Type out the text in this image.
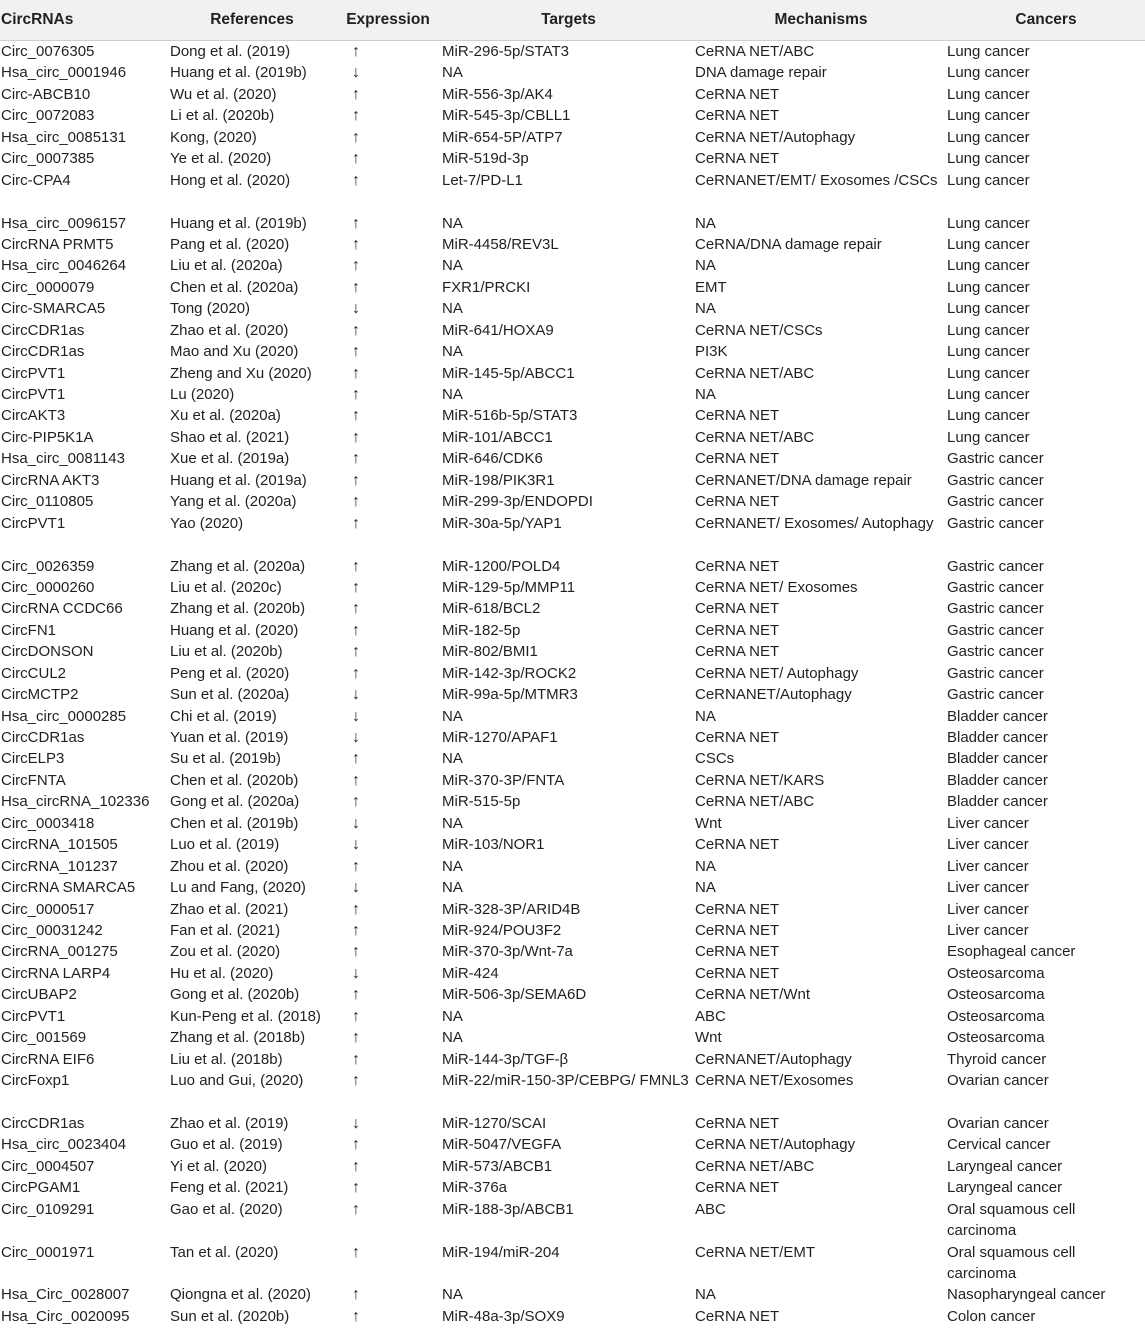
CircRNAs	References	Expression	Targets	Mechanisms	Cancers
Circ_0076305	Dong et al. (2019)	↑	MiR-296-5p/STAT3	CeRNA NET/ABC	Lung cancer
Hsa_circ_0001946	Huang et al. (2019b)	↓	NA	DNA damage repair	Lung cancer
Circ-ABCB10	Wu et al. (2020)	↑	MiR-556-3p/AK4	CeRNA NET	Lung cancer
Circ_0072083	Li et al. (2020b)	↑	MiR-545-3p/CBLL1	CeRNA NET	Lung cancer
Hsa_circ_0085131	Kong, (2020)	↑	MiR-654-5P/ATP7	CeRNA NET/Autophagy	Lung cancer
Circ_0007385	Ye et al. (2020)	↑	MiR-519d-3p	CeRNA NET	Lung cancer
Circ-CPA4	Hong et al. (2020)	↑	Let-7/PD-L1	CeRNANET/EMT/ Exosomes /CSCs	Lung cancer
Hsa_circ_0096157	Huang et al. (2019b)	↑	NA	NA	Lung cancer
CircRNA PRMT5	Pang et al. (2020)	↑	MiR-4458/REV3L	CeRNA/DNA damage repair	Lung cancer
Hsa_circ_0046264	Liu et al. (2020a)	↑	NA	NA	Lung cancer
Circ_0000079	Chen et al. (2020a)	↑	FXR1/PRCKI	EMT	Lung cancer
Circ-SMARCA5	Tong (2020)	↓	NA	NA	Lung cancer
CircCDR1as	Zhao et al. (2020)	↑	MiR-641/HOXA9	CeRNA NET/CSCs	Lung cancer
CircCDR1as	Mao and Xu (2020)	↑	NA	PI3K	Lung cancer
CircPVT1	Zheng and Xu (2020)	↑	MiR-145-5p/ABCC1	CeRNA NET/ABC	Lung cancer
CircPVT1	Lu (2020)	↑	NA	NA	Lung cancer
CircAKT3	Xu et al. (2020a)	↑	MiR-516b-5p/STAT3	CeRNA NET	Lung cancer
Circ-PIP5K1A	Shao et al. (2021)	↑	MiR-101/ABCC1	CeRNA NET/ABC	Lung cancer
Hsa_circ_0081143	Xue et al. (2019a)	↑	MiR-646/CDK6	CeRNA NET	Gastric cancer
CircRNA AKT3	Huang et al. (2019a)	↑	MiR-198/PIK3R1	CeRNANET/DNA damage repair	Gastric cancer
Circ_0110805	Yang et al. (2020a)	↑	MiR-299-3p/ENDOPDI	CeRNA NET	Gastric cancer
CircPVT1	Yao (2020)	↑	MiR-30a-5p/YAP1	CeRNANET/ Exosomes/ Autophagy	Gastric cancer
Circ_0026359	Zhang et al. (2020a)	↑	MiR-1200/POLD4	CeRNA NET	Gastric cancer
Circ_0000260	Liu et al. (2020c)	↑	MiR-129-5p/MMP11	CeRNA NET/ Exosomes	Gastric cancer
CircRNA CCDC66	Zhang et al. (2020b)	↑	MiR-618/BCL2	CeRNA NET	Gastric cancer
CircFN1	Huang et al. (2020)	↑	MiR-182-5p	CeRNA NET	Gastric cancer
CircDONSON	Liu et al. (2020b)	↑	MiR-802/BMI1	CeRNA NET	Gastric cancer
CircCUL2	Peng et al. (2020)	↑	MiR-142-3p/ROCK2	CeRNA NET/ Autophagy	Gastric cancer
CircMCTP2	Sun et al. (2020a)	↓	MiR-99a-5p/MTMR3	CeRNANET/Autophagy	Gastric cancer
Hsa_circ_0000285	Chi et al. (2019)	↓	NA	NA	Bladder cancer
CircCDR1as	Yuan et al. (2019)	↓	MiR-1270/APAF1	CeRNA NET	Bladder cancer
CircELP3	Su et al. (2019b)	↑	NA	CSCs	Bladder cancer
CircFNTA	Chen et al. (2020b)	↑	MiR-370-3P/FNTA	CeRNA NET/KARS	Bladder cancer
Hsa_circRNA_102336	Gong et al. (2020a)	↑	MiR-515-5p	CeRNA NET/ABC	Bladder cancer
Circ_0003418	Chen et al. (2019b)	↓	NA	Wnt	Liver cancer
CircRNA_101505	Luo et al. (2019)	↓	MiR-103/NOR1	CeRNA NET	Liver cancer
CircRNA_101237	Zhou et al. (2020)	↑	NA	NA	Liver cancer
CircRNA SMARCA5	Lu and Fang, (2020)	↓	NA	NA	Liver cancer
Circ_0000517	Zhao et al. (2021)	↑	MiR-328-3P/ARID4B	CeRNA NET	Liver cancer
Circ_00031242	Fan et al. (2021)	↑	MiR-924/POU3F2	CeRNA NET	Liver cancer
CircRNA_001275	Zou et al. (2020)	↑	MiR-370-3p/Wnt-7a	CeRNA NET	Esophageal cancer
CircRNA LARP4	Hu et al. (2020)	↓	MiR-424	CeRNA NET	Osteosarcoma
CircUBAP2	Gong et al. (2020b)	↑	MiR-506-3p/SEMA6D	CeRNA NET/Wnt	Osteosarcoma
CircPVT1	Kun-Peng et al. (2018)	↑	NA	ABC	Osteosarcoma
Circ_001569	Zhang et al. (2018b)	↑	NA	Wnt	Osteosarcoma
CircRNA EIF6	Liu et al. (2018b)	↑	MiR-144-3p/TGF-β	CeRNANET/Autophagy	Thyroid cancer
CircFoxp1	Luo and Gui, (2020)	↑	MiR-22/miR-150-3P/CEBPG/ FMNL3	CeRNA NET/Exosomes	Ovarian cancer
CircCDR1as	Zhao et al. (2019)	↓	MiR-1270/SCAI	CeRNA NET	Ovarian cancer
Hsa_circ_0023404	Guo et al. (2019)	↑	MiR-5047/VEGFA	CeRNA NET/Autophagy	Cervical cancer
Circ_0004507	Yi et al. (2020)	↑	MiR-573/ABCB1	CeRNA NET/ABC	Laryngeal cancer
CircPGAM1	Feng et al. (2021)	↑	MiR-376a	CeRNA NET	Laryngeal cancer
Circ_0109291	Gao et al. (2020)	↑	MiR-188-3p/ABCB1	ABC	Oral squamous cell carcinoma
Circ_0001971	Tan et al. (2020)	↑	MiR-194/miR-204	CeRNA NET/EMT	Oral squamous cell carcinoma
Hsa_Circ_0028007	Qiongna et al. (2020)	↑	NA	NA	Nasopharyngeal cancer
Hsa_Circ_0020095	Sun et al. (2020b)	↑	MiR-48a-3p/SOX9	CeRNA NET	Colon cancer
